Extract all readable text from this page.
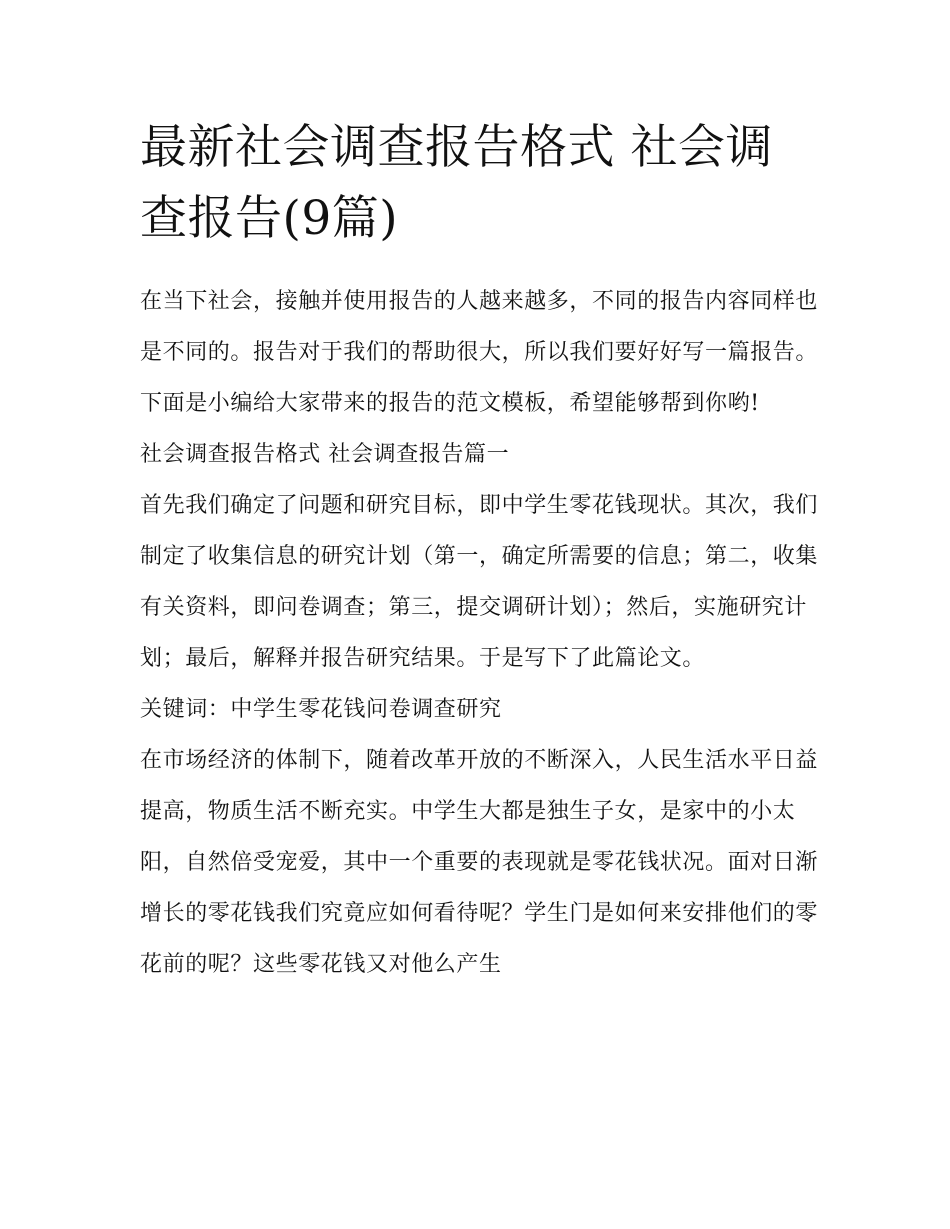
最新社会调查报告格式 社会调查报告(9篇)

在当下社会，接触并使用报告的人越来越多，不同的报告内容同样也是不同的。报告对于我们的帮助很大，所以我们要好好写一篇报告。下面是小编给大家带来的报告的范文模板，希望能够帮到你哟!

社会调查报告格式 社会调查报告篇一

首先我们确定了问题和研究目标，即中学生零花钱现状。其次，我们制定了收集信息的研究计划（第一，确定所需要的信息；第二，收集有关资料，即问卷调查；第三，提交调研计划）；然后，实施研究计划；最后，解释并报告研究结果。于是写下了此篇论文。

关键词：中学生零花钱问卷调查研究

在市场经济的体制下，随着改革开放的不断深入，人民生活水平日益提高，物质生活不断充实。中学生大都是独生子女，是家中的小太阳，自然倍受宠爱，其中一个重要的表现就是零花钱状况。面对日渐增长的零花钱我们究竟应如何看待呢？学生门是如何来安排他们的零花前的呢？这些零花钱又对他么产生
